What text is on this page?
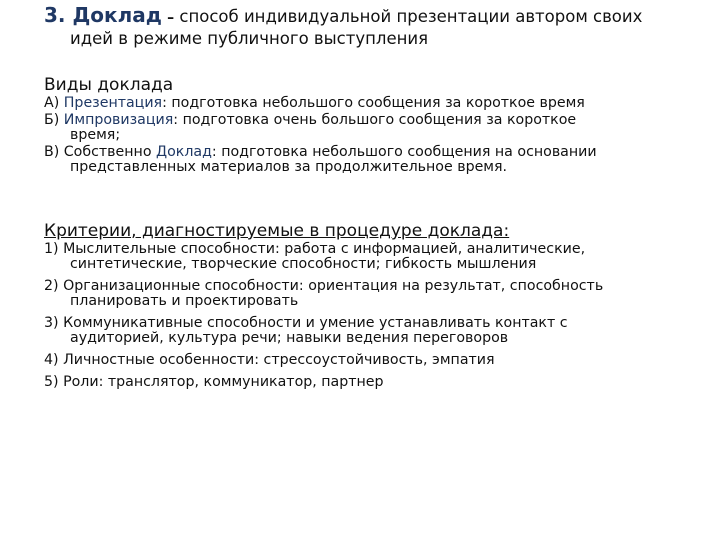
3. Доклад – способ индивидуальной презентации автором своих
идей в режиме публичного выступления
Виды доклада

А) Презентация: подготовка небольшого сообщения за короткое время

Б) Импровизация: подготовка очень большого сообщения за короткое
время;

В) Собственно Доклад: подготовка небольшого сообщения на основании
представленных материалов за продолжительное время.

Критерии, диагностируемые в процедуре доклада:

1) Мыслительные способности: работа с информацией, аналитические,
синтетические, творческие способности; гибкость мышления

2) Организационные способности: ориентация на результат, способность
планировать и проектировать

3) Коммуникативные способности и умение устанавливать контакт с
аудиторией, культура речи; навыки ведения переговоров

4) Личностные особенности: стрессоустойчивость, эмпатия

5) Роли: транслятор, коммуникатор, партнер
